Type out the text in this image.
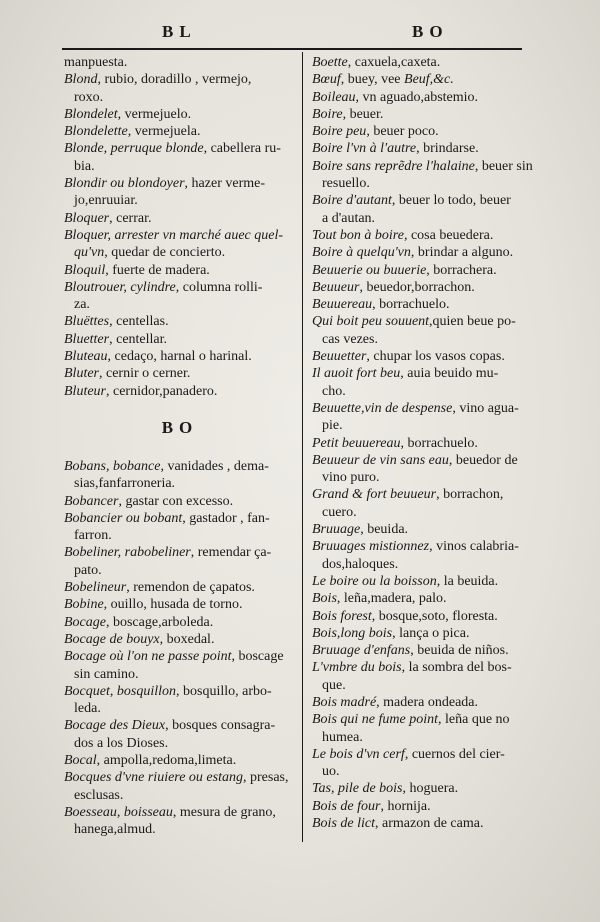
BL	BO
manpuesta.
Blond, rubio, doradillo , vermejo,
roxo.
Blondelet, vermejuelo.
Blondelette, vermejuela.
Blonde, perruque blonde, cabellera ru-
bia.
Blondir ou blondoyer, hazer verme-
jo,enruuiar.
Bloquer, cerrar.
Bloquer, arrester vn marché auec quel-
qu'vn, quedar de concierto.
Bloquil, fuerte de madera.
Bloutrouer, cylindre, columna rolli-
za.
Bluëttes, centellas.
Bluetter, centellar.
Bluteau, cedaço, harnal o harinal.
Bluter, cernir o cerner.
Bluteur, cernidor,panadero.
BO
Bobans, bobance, vanidades , dema-
sias,fanfarroneria.
Bobancer, gastar con excesso.
Bobancier ou bobant, gastador , fan-
farron.
Bobeliner, rabobeliner, remendar ça-
pato.
Bobelineur, remendon de çapatos.
Bobine, ouillo, husada de torno.
Bocage, boscage,arboleda.
Bocage de bouyx, boxedal.
Bocage où l'on ne passe point, boscage
sin camino.
Bocquet, bosquillon, bosquillo, arbo-
leda.
Bocage des Dieux, bosques consagra-
dos a los Dioses.
Bocal, ampolla,redoma,limeta.
Bocques d'vne riuiere ou estang, presas,
esclusas.
Boesseau, boisseau, mesura de grano,
hanega,almud.
Boette, caxuela,caxeta.
Bœuf, buey, vee Beuf,&c.
Boileau, vn aguado,abstemio.
Boire, beuer.
Boire peu, beuer poco.
Boire l'vn à l'autre, brindarse.
Boire sans reprẽdre l'halaine, beuer sin
resuello.
Boire d'autant, beuer lo todo, beuer
a d'autan.
Tout bon à boire, cosa beuedera.
Boire à quelqu'vn, brindar a alguno.
Beuuerie ou buuerie, borrachera.
Beuueur, beuedor,borrachon.
Beuuereau, borrachuelo.
Qui boit peu souuent,quien beue po-
cas vezes.
Beuuetter, chupar los vasos copas.
Il auoit fort beu, auia beuido mu-
cho.
Beuuette,vin de despense, vino agua-
pie.
Petit beuuereau, borrachuelo.
Beuueur de vin sans eau, beuedor de
vino puro.
Grand & fort beuueur, borrachon,
cuero.
Bruuage, beuida.
Bruuages mistionnez, vinos calabria-
dos,haloques.
Le boire ou la boisson, la beuida.
Bois, leña,madera, palo.
Bois forest, bosque,soto, floresta.
Bois,long bois, lança o pica.
Bruuage d'enfans, beuida de niños.
L'vmbre du bois, la sombra del bos-
que.
Bois madré, madera ondeada.
Bois qui ne fume point, leña que no
humea.
Le bois d'vn cerf, cuernos del cier-
uo.
Tas, pile de bois, hoguera.
Bois de four, hornija.
Bois de lict, armazon de cama.
